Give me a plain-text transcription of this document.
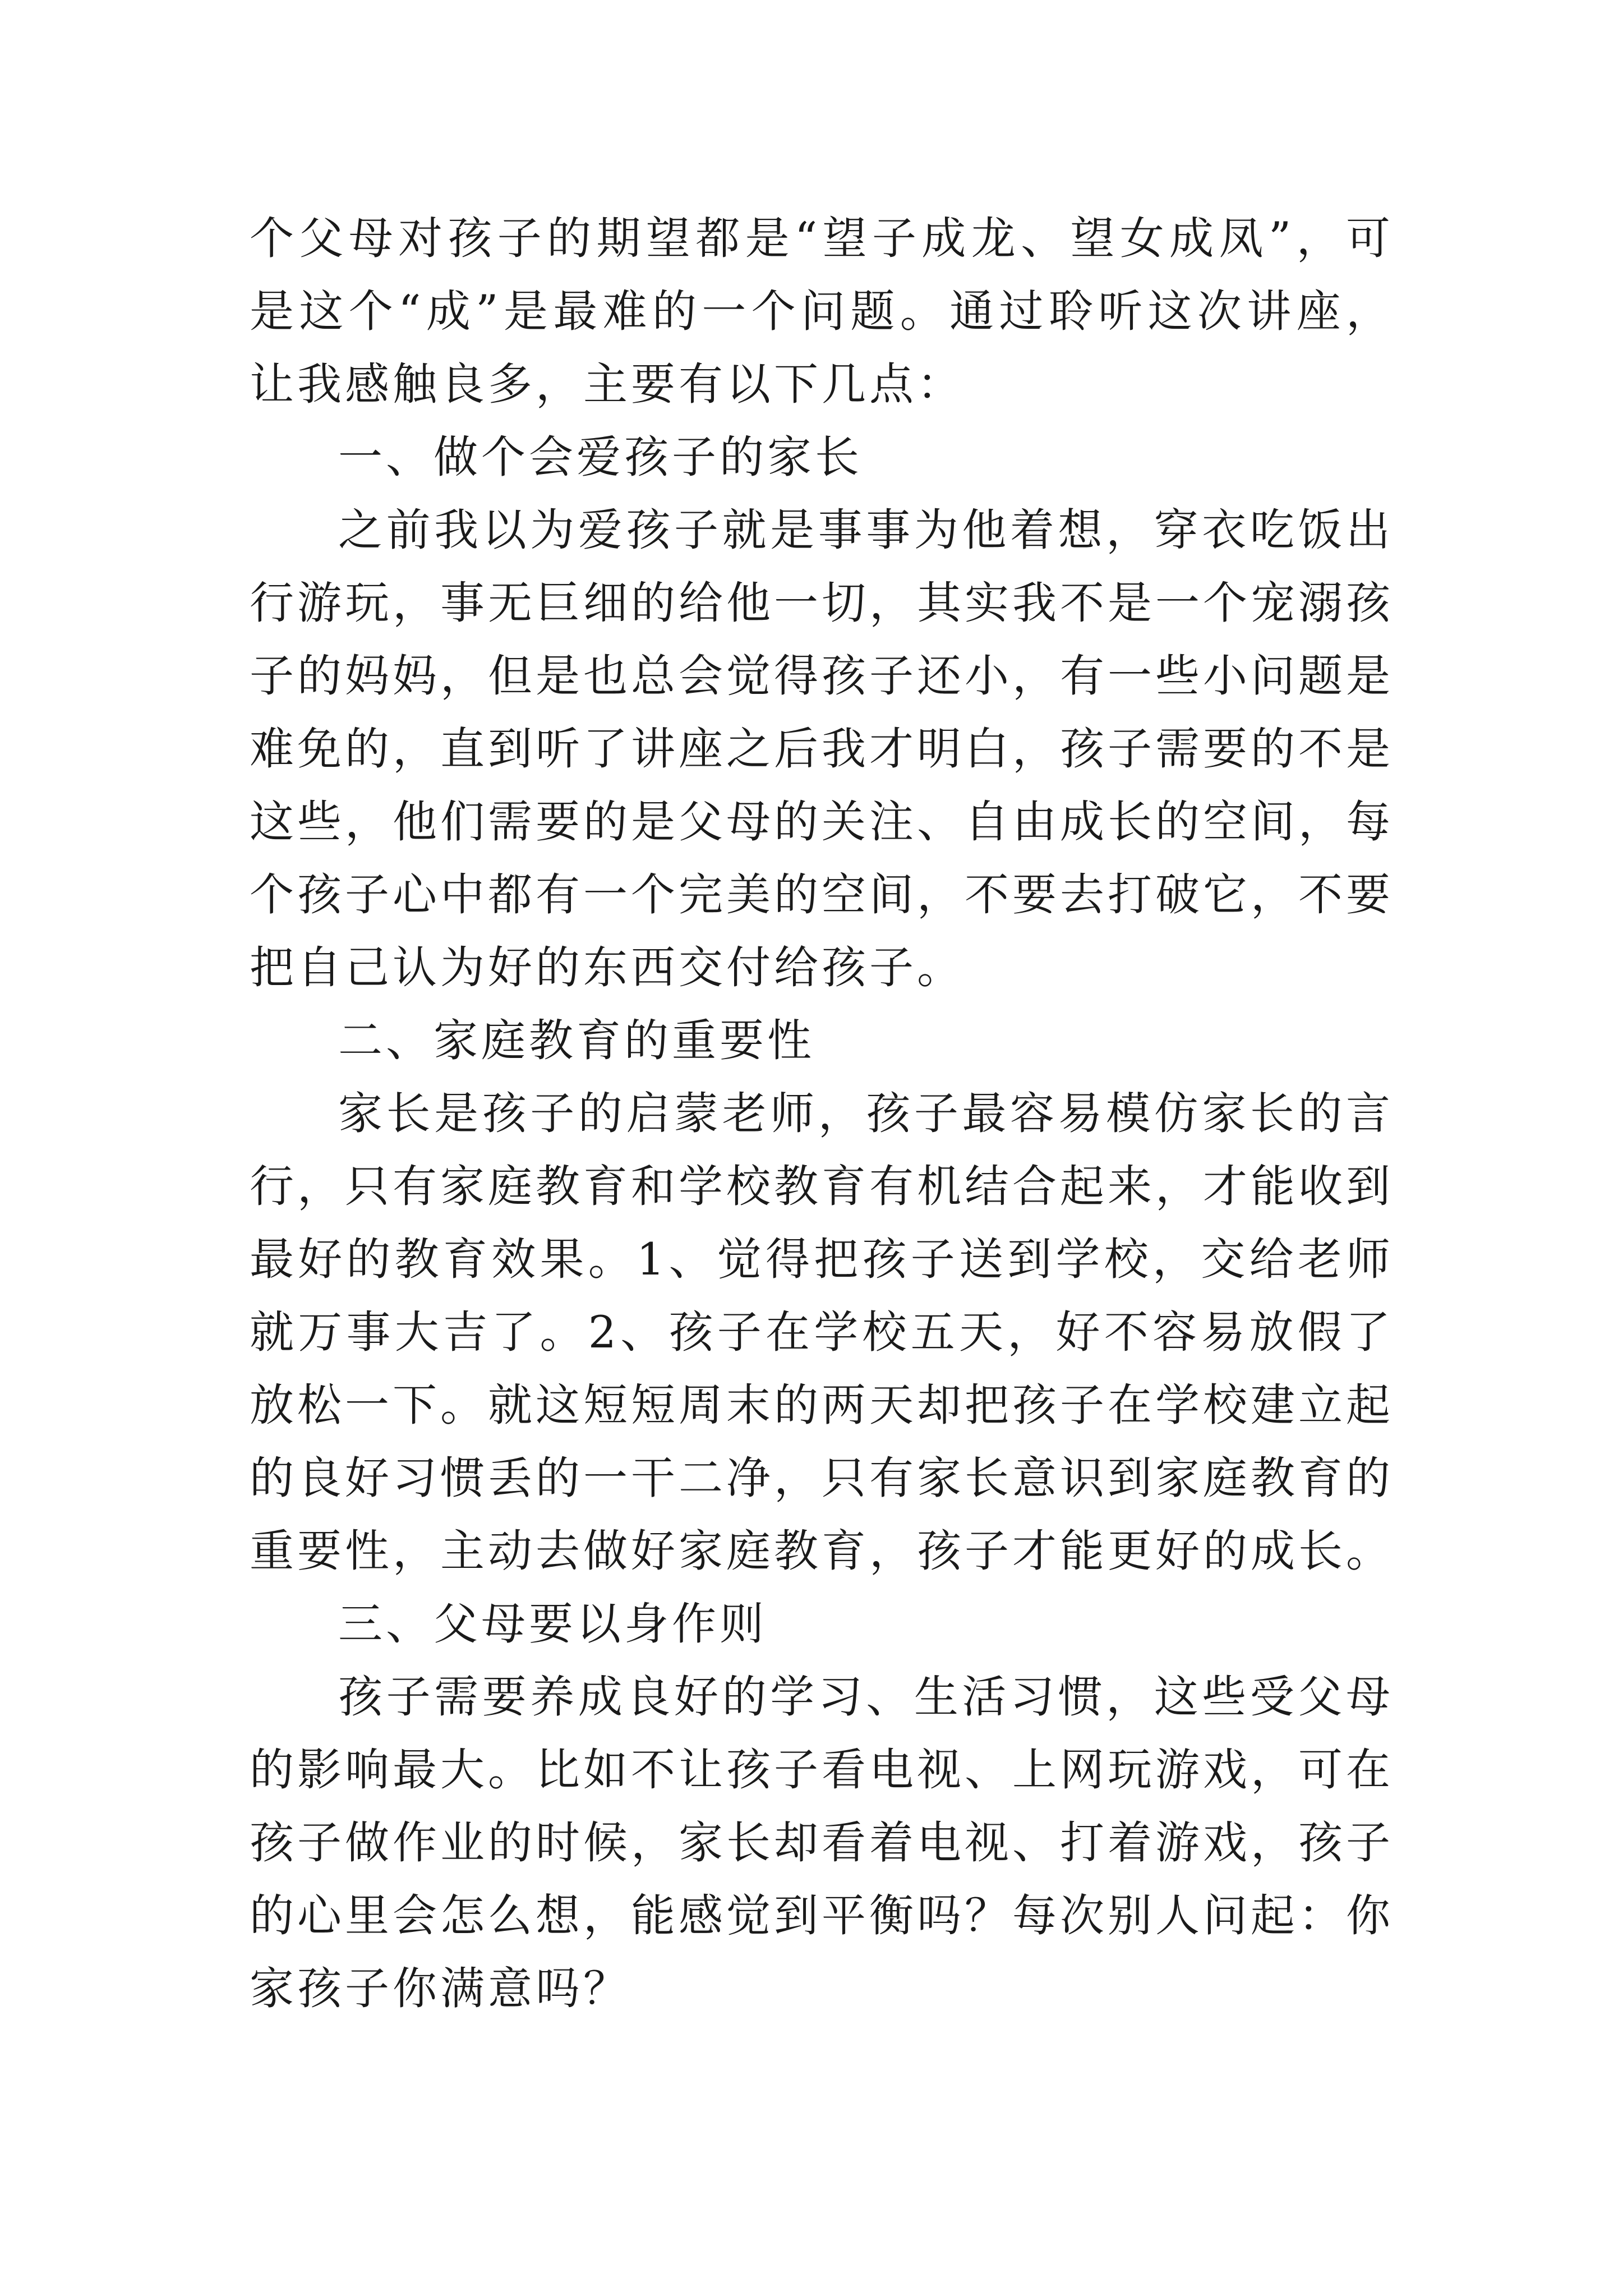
个父母对孩子的期望都是“望子成龙、望女成凤”，可是这个“成”是最难的一个问题。通过聆听这次讲座，让我感触良多，主要有以下几点：

一、做个会爱孩子的家长

之前我以为爱孩子就是事事为他着想，穿衣吃饭出行游玩，事无巨细的给他一切，其实我不是一个宠溺孩子的妈妈，但是也总会觉得孩子还小，有一些小问题是难免的，直到听了讲座之后我才明白，孩子需要的不是这些，他们需要的是父母的关注、自由成长的空间，每个孩子心中都有一个完美的空间，不要去打破它，不要把自己认为好的东西交付给孩子。

二、家庭教育的重要性

家长是孩子的启蒙老师，孩子最容易模仿家长的言行，只有家庭教育和学校教育有机结合起来，才能收到最好的教育效果。1、觉得把孩子送到学校，交给老师就万事大吉了。2、孩子在学校五天，好不容易放假了放松一下。就这短短周末的两天却把孩子在学校建立起的良好习惯丢的一干二净，只有家长意识到家庭教育的重要性，主动去做好家庭教育，孩子才能更好的成长。

三、父母要以身作则

孩子需要养成良好的学习、生活习惯，这些受父母的影响最大。比如不让孩子看电视、上网玩游戏，可在孩子做作业的时候，家长却看着电视、打着游戏，孩子的心里会怎么想，能感觉到平衡吗？每次别人问起：你家孩子你满意吗？
